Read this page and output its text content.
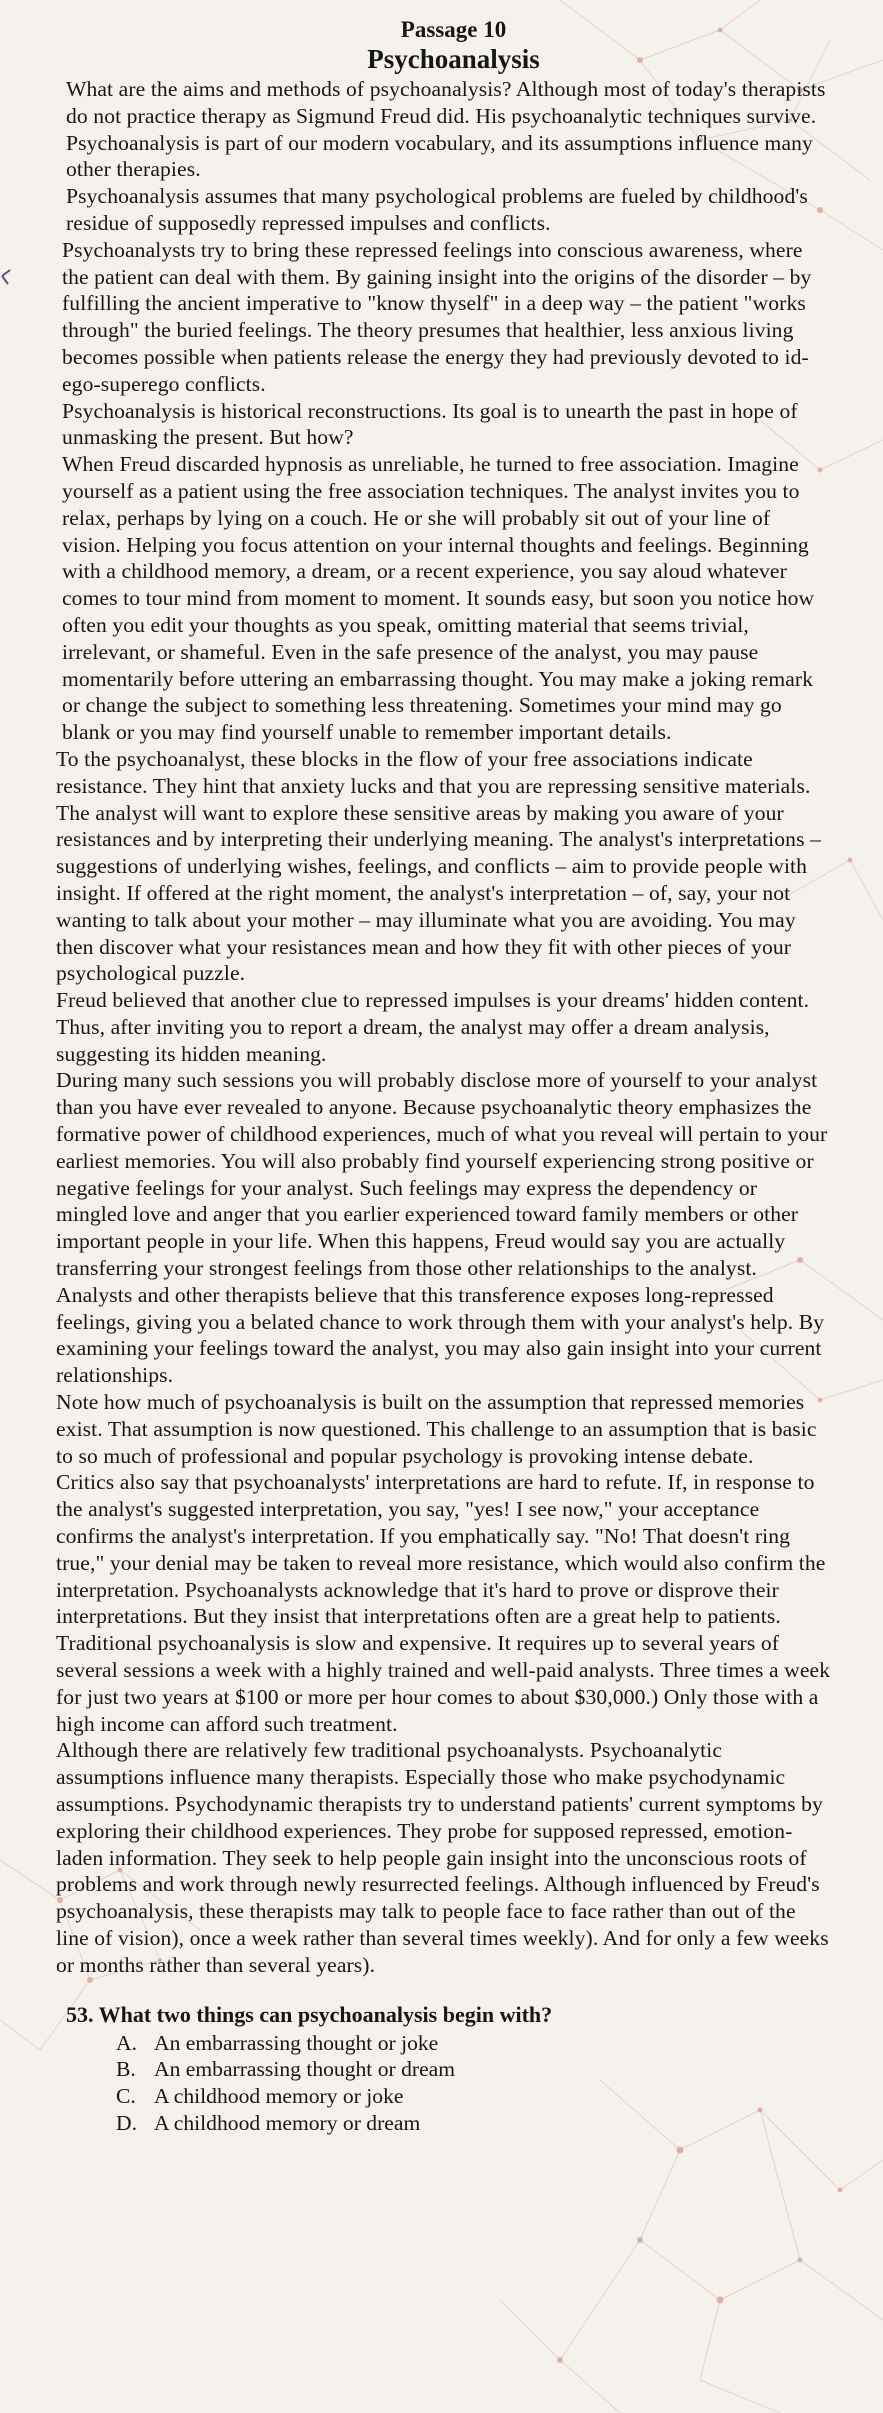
Passage 10
Psychoanalysis

What are the aims and methods of psychoanalysis? Although most of today's therapists do not practice therapy as Sigmund Freud did. His psychoanalytic techniques survive. Psychoanalysis is part of our modern vocabulary, and its assumptions influence many other therapies.

Psychoanalysis assumes that many psychological problems are fueled by childhood's residue of supposedly repressed impulses and conflicts.

Psychoanalysts try to bring these repressed feelings into conscious awareness, where the patient can deal with them. By gaining insight into the origins of the disorder – by fulfilling the ancient imperative to "know thyself" in a deep way – the patient "works through" the buried feelings. The theory presumes that healthier, less anxious living becomes possible when patients release the energy they had previously devoted to id-ego-superego conflicts.

Psychoanalysis is historical reconstructions. Its goal is to unearth the past in hope of unmasking the present. But how?

When Freud discarded hypnosis as unreliable, he turned to free association. Imagine yourself as a patient using the free association techniques. The analyst invites you to relax, perhaps by lying on a couch. He or she will probably sit out of your line of vision. Helping you focus attention on your internal thoughts and feelings. Beginning with a childhood memory, a dream, or a recent experience, you say aloud whatever comes to tour mind from moment to moment. It sounds easy, but soon you notice how often you edit your thoughts as you speak, omitting material that seems trivial, irrelevant, or shameful. Even in the safe presence of the analyst, you may pause momentarily before uttering an embarrassing thought. You may make a joking remark or change the subject to something less threatening. Sometimes your mind may go blank or you may find yourself unable to remember important details.

To the psychoanalyst, these blocks in the flow of your free associations indicate resistance. They hint that anxiety lucks and that you are repressing sensitive materials. The analyst will want to explore these sensitive areas by making you aware of your resistances and by interpreting their underlying meaning. The analyst's interpretations – suggestions of underlying wishes, feelings, and conflicts – aim to provide people with insight. If offered at the right moment, the analyst's interpretation – of, say, your not wanting to talk about your mother – may illuminate what you are avoiding. You may then discover what your resistances mean and how they fit with other pieces of your psychological puzzle.

Freud believed that another clue to repressed impulses is your dreams' hidden content. Thus, after inviting you to report a dream, the analyst may offer a dream analysis, suggesting its hidden meaning.

During many such sessions you will probably disclose more of yourself to your analyst than you have ever revealed to anyone. Because psychoanalytic theory emphasizes the formative power of childhood experiences, much of what you reveal will pertain to your earliest memories. You will also probably find yourself experiencing strong positive or negative feelings for your analyst. Such feelings may express the dependency or mingled love and anger that you earlier experienced toward family members or other important people in your life. When this happens, Freud would say you are actually transferring your strongest feelings from those other relationships to the analyst. Analysts and other therapists believe that this transference exposes long-repressed feelings, giving you a belated chance to work through them with your analyst's help. By examining your feelings toward the analyst, you may also gain insight into your current relationships.

Note how much of psychoanalysis is built on the assumption that repressed memories exist. That assumption is now questioned. This challenge to an assumption that is basic to so much of professional and popular psychology is provoking intense debate.

Critics also say that psychoanalysts' interpretations are hard to refute. If, in response to the analyst's suggested interpretation, you say, "yes! I see now," your acceptance confirms the analyst's interpretation. If you emphatically say. "No! That doesn't ring true," your denial may be taken to reveal more resistance, which would also confirm the interpretation. Psychoanalysts acknowledge that it's hard to prove or disprove their interpretations. But they insist that interpretations often are a great help to patients.

Traditional psychoanalysis is slow and expensive. It requires up to several years of several sessions a week with a highly trained and well-paid analysts. Three times a week for just two years at $100 or more per hour comes to about $30,000.) Only those with a high income can afford such treatment.

Although there are relatively few traditional psychoanalysts. Psychoanalytic assumptions influence many therapists. Especially those who make psychodynamic assumptions. Psychodynamic therapists try to understand patients' current symptoms by exploring their childhood experiences. They probe for supposed repressed, emotion-laden information. They seek to help people gain insight into the unconscious roots of problems and work through newly resurrected feelings. Although influenced by Freud's psychoanalysis, these therapists may talk to people face to face rather than out of the line of vision), once a week rather than several times weekly). And for only a few weeks or months rather than several years).

53. What two things can psychoanalysis begin with?
A. An embarrassing thought or joke
B. An embarrassing thought or dream
C. A childhood memory or joke
D. A childhood memory or dream
